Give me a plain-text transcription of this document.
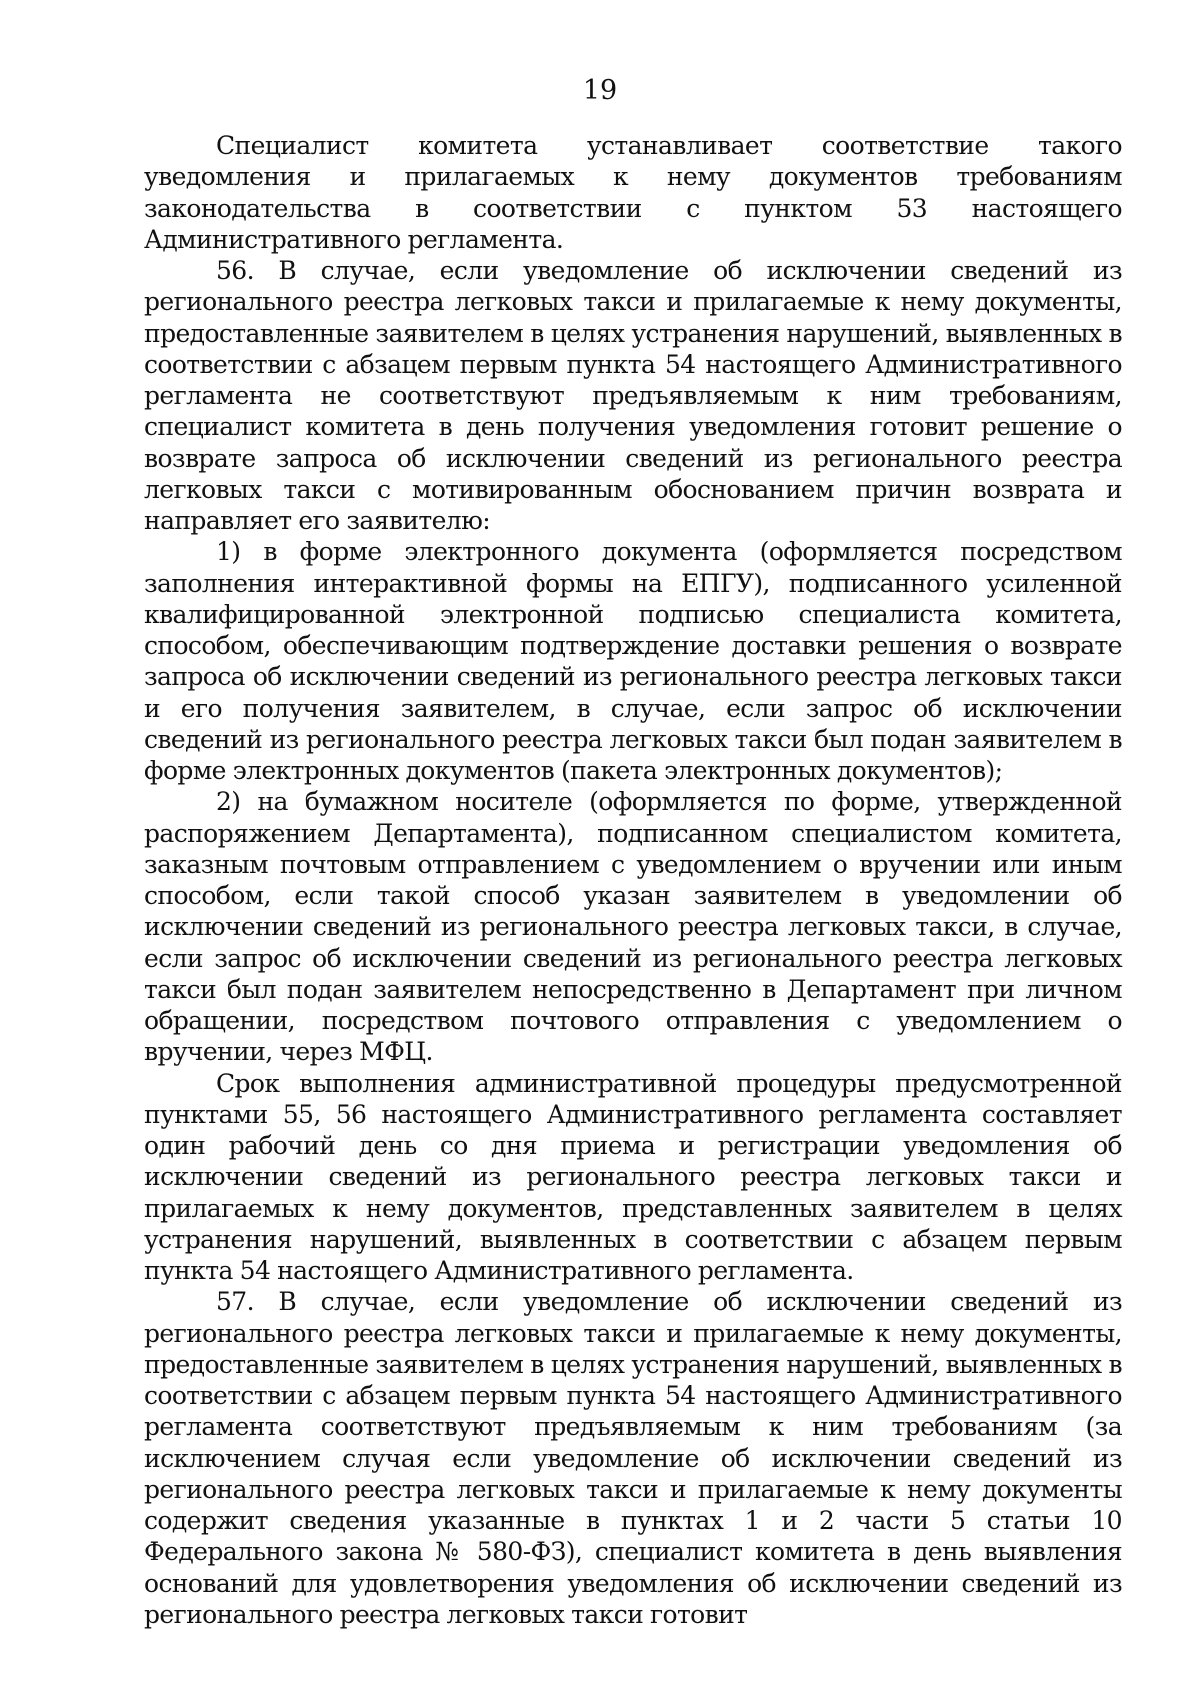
19

Специалист комитета устанавливает соответствие такого уведомления и прилагаемых к нему документов требованиям законодательства в соответствии с пунктом 53 настоящего Административного регламента.

56. В случае, если уведомление об исключении сведений из регионального реестра легковых такси и прилагаемые к нему документы, предоставленные заявителем в целях устранения нарушений, выявленных в соответствии с абзацем первым пункта 54 настоящего Административного регламента не соответствуют предъявляемым к ним требованиям, специалист комитета в день получения уведомления готовит решение о возврате запроса об исключении сведений из регионального реестра легковых такси с мотивированным обоснованием причин возврата и направляет его заявителю:

1) в форме электронного документа (оформляется посредством заполнения интерактивной формы на ЕПГУ), подписанного усиленной квалифицированной электронной подписью специалиста комитета, способом, обеспечивающим подтверждение доставки решения о возврате запроса об исключении сведений из регионального реестра легковых такси и его получения заявителем, в случае, если запрос об исключении сведений из регионального реестра легковых такси был подан заявителем в форме электронных документов (пакета электронных документов);

2) на бумажном носителе (оформляется по форме, утвержденной распоряжением Департамента), подписанном специалистом комитета, заказным почтовым отправлением с уведомлением о вручении или иным способом, если такой способ указан заявителем в уведомлении об исключении сведений из регионального реестра легковых такси, в случае, если запрос об исключении сведений из регионального реестра легковых такси был подан заявителем непосредственно в Департамент при личном обращении, посредством почтового отправления с уведомлением о вручении, через МФЦ.

Срок выполнения административной процедуры предусмотренной пунктами 55, 56 настоящего Административного регламента составляет один рабочий день со дня приема и регистрации уведомления об исключении сведений из регионального реестра легковых такси и прилагаемых к нему документов, представленных заявителем в целях устранения нарушений, выявленных в соответствии с абзацем первым пункта 54 настоящего Административного регламента.

57. В случае, если уведомление об исключении сведений из регионального реестра легковых такси и прилагаемые к нему документы, предоставленные заявителем в целях устранения нарушений, выявленных в соответствии с абзацем первым пункта 54 настоящего Административного регламента соответствуют предъявляемым к ним требованиям (за исключением случая если уведомление об исключении сведений из регионального реестра легковых такси и прилагаемые к нему документы содержит сведения указанные в пунктах 1 и 2 части 5 статьи 10 Федерального закона № 580-ФЗ), специалист комитета в день выявления оснований для удовлетворения уведомления об исключении сведений из регионального реестра легковых такси готовит
